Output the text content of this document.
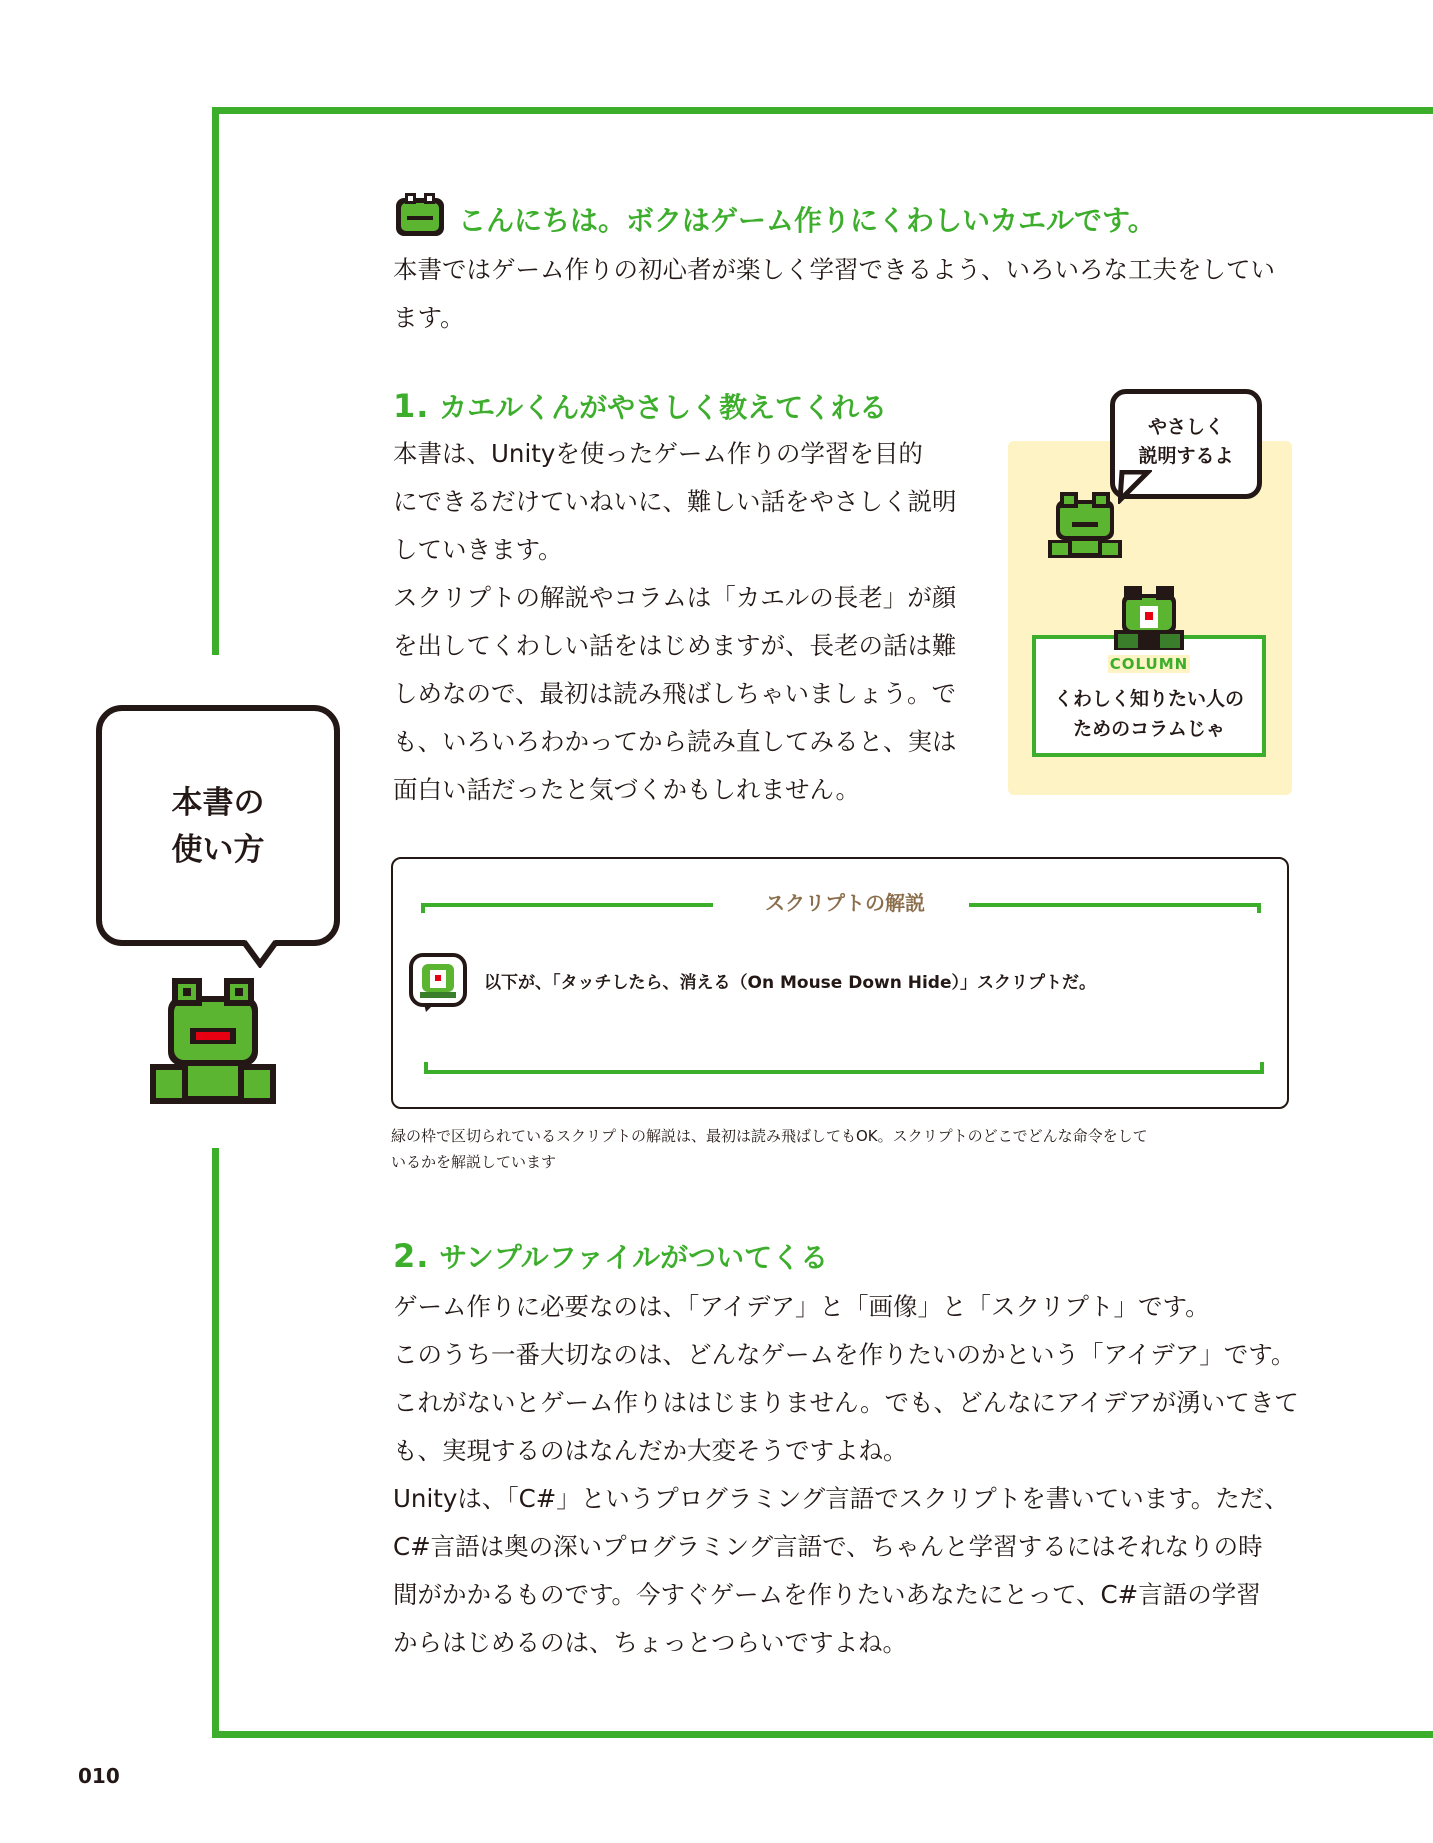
こんにちは。ボクはゲーム作りにくわしいカエルです。
本書ではゲーム作りの初心者が楽しく学習できるよう、いろいろな工夫をしてい
ます。
1. カエルくんがやさしく教えてくれる
本書は、Unityを使ったゲーム作りの学習を目的
にできるだけていねいに、難しい話をやさしく説明
していきます。
スクリプトの解説やコラムは「カエルの長老」が顔
を出してくわしい話をはじめますが、長老の話は難
しめなので、最初は読み飛ばしちゃいましょう。で
も、いろいろわかってから読み直してみると、実は
面白い話だったと気づくかもしれません。
本書の
使い方
やさしく
説明するよ
COLUMN
くわしく知りたい人の
ためのコラムじゃ
スクリプトの解説
以下が、「タッチしたら、消える（On Mouse Down Hide）」スクリプトだ。
緑の枠で区切られているスクリプトの解説は、最初は読み飛ばしてもOK。スクリプトのどこでどんな命令をして
いるかを解説しています
2. サンプルファイルがついてくる
ゲーム作りに必要なのは、「アイデア」と「画像」と「スクリプト」です。
このうち一番大切なのは、どんなゲームを作りたいのかという「アイデア」です。
これがないとゲーム作りははじまりません。でも、どんなにアイデアが湧いてきて
も、実現するのはなんだか大変そうですよね。
Unityは、「C#」というプログラミング言語でスクリプトを書いています。ただ、
C#言語は奥の深いプログラミング言語で、ちゃんと学習するにはそれなりの時
間がかかるものです。今すぐゲームを作りたいあなたにとって、C#言語の学習
からはじめるのは、ちょっとつらいですよね。
010
